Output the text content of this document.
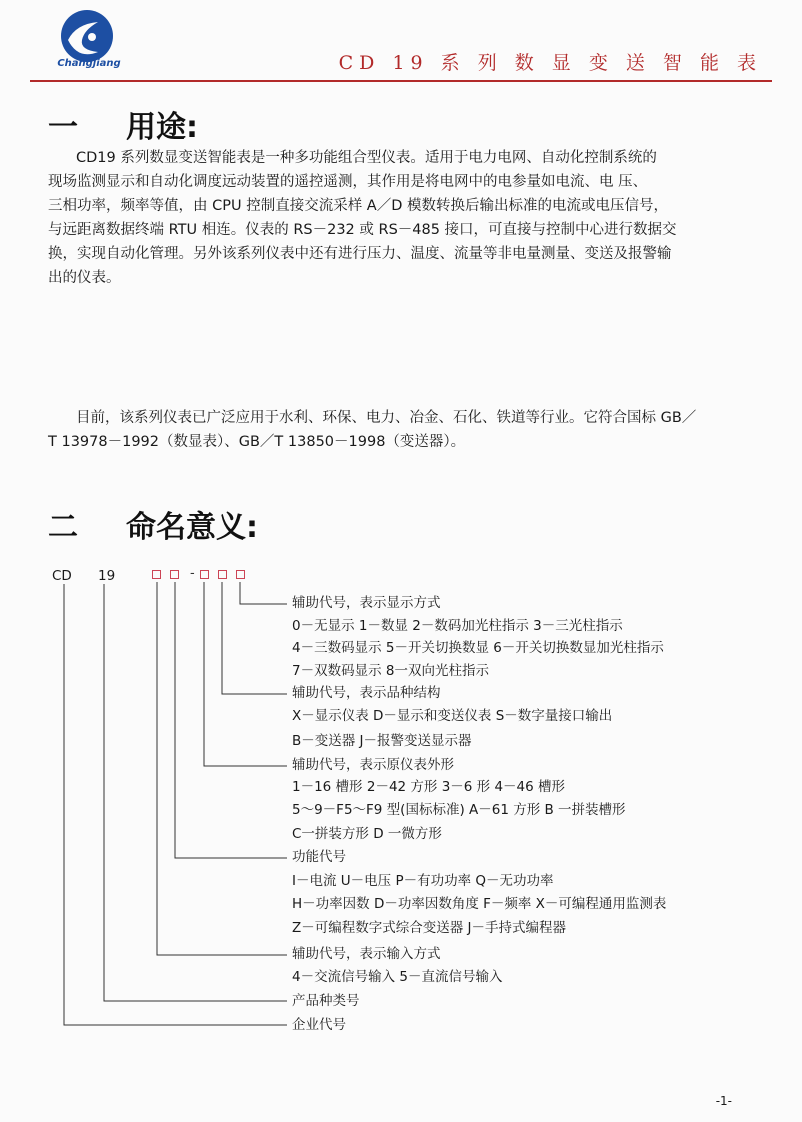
Changjiang	CD 19 系 列 数 显 变 送 智 能 表
一 用途:
CD19 系列数显变送智能表是一种多功能组合型仪表。适用于电力电网、自动化控制系统的
现场监测显示和自动化调度远动装置的遥控遥测，其作用是将电网中的电参量如电流、电 压、
三相功率，频率等值，由 CPU 控制直接交流采样 A／D 模数转换后输出标准的电流或电压信号，
与远距离数据终端 RTU 相连。仪表的 RS－232 或 RS－485 接口，可直接与控制中心进行数据交
换，实现自动化管理。另外该系列仪表中还有进行压力、温度、流量等非电量测量、变送及报警输
出的仪表。
目前，该系列仪表已广泛应用于水利、环保、电力、冶金、石化、铁道等行业。它符合国标 GB／
T 13978－1992（数显表）、GB／T 13850－1998（变送器）。
二 命名意义:
CD 19	-
辅助代号，表示显示方式
0－无显示 1－数显 2－数码加光柱指示 3－三光柱指示
4－三数码显示 5－开关切换数显 6－开关切换数显加光柱指示
7－双数码显示 8一双向光柱指示
辅助代号，表示品种结构
X－显示仪表 D－显示和变送仪表 S－数字量接口输出
B－变送器 J－报警变送显示器
辅助代号，表示原仪表外形
1－16 槽形 2－42 方形 3－6 形 4－46 槽形
5～9－F5～F9 型(国标标准) A－61 方形 B 一拼装槽形
C一拼装方形 D 一微方形
功能代号
I－电流 U－电压 P－有功功率 Q－无功功率
H－功率因数 D－功率因数角度 F－频率 X－可编程通用监测表
Z－可编程数字式综合变送器 J－手持式编程器
辅助代号，表示输入方式
4－交流信号输入 5－直流信号输入
产品种类号
企业代号
-1-
